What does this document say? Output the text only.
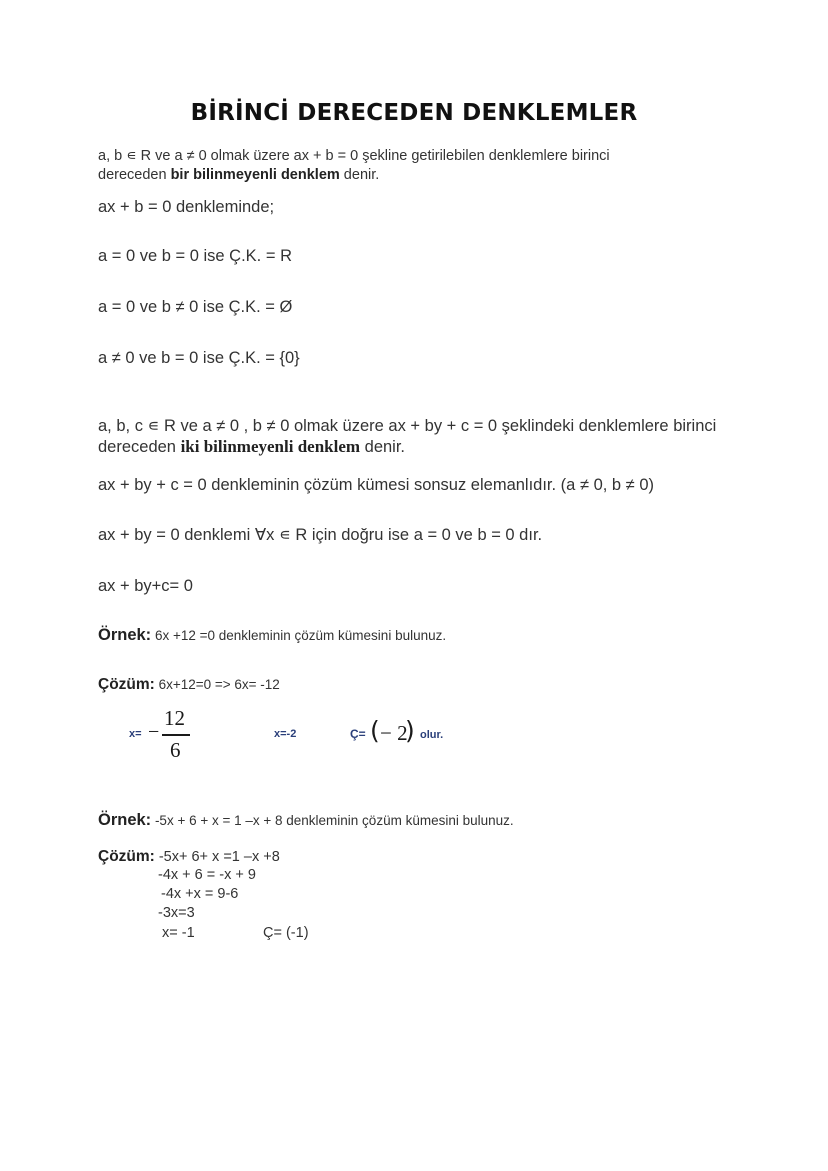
BİRİNCİ DERECEDEN DENKLEMLER
a, b ∊ R ve a ≠ 0 olmak üzere ax + b = 0 şekline getirilebilen denklemlere birinci
dereceden bir bilinmeyenli denklem denir.
ax + b = 0 denkleminde;
a = 0 ve b = 0 ise Ç.K. = R
a = 0 ve b ≠ 0 ise Ç.K. = Ø
a ≠ 0 ve b = 0 ise Ç.K. = {0}
a, b, c ∊ R ve a ≠ 0 , b ≠ 0 olmak üzere ax + by + c = 0 şeklindeki denklemlere birinci
dereceden iki bilinmeyenli denklem denir.
ax + by + c = 0 denkleminin çözüm kümesi sonsuz elemanlıdır. (a ≠ 0, b ≠ 0)
ax + by = 0 denklemi ∀x ∊ R için doğru ise a = 0 ve b = 0 dır.
ax + by+c= 0
Örnek: 6x +12 =0 denkleminin çözüm kümesini bulunuz.
Çözüm: 6x+12=0 => 6x= -12
x= −
12
6
x=-2	Ç= ( − 2
) olur.
Örnek: -5x + 6 + x = 1 –x + 8 denkleminin çözüm kümesini bulunuz.
Çözüm: -5x+ 6+ x =1 –x +8
-4x + 6 = -x + 9
-4x +x = 9-6
-3x=3
x= -1	Ç= (-1)
